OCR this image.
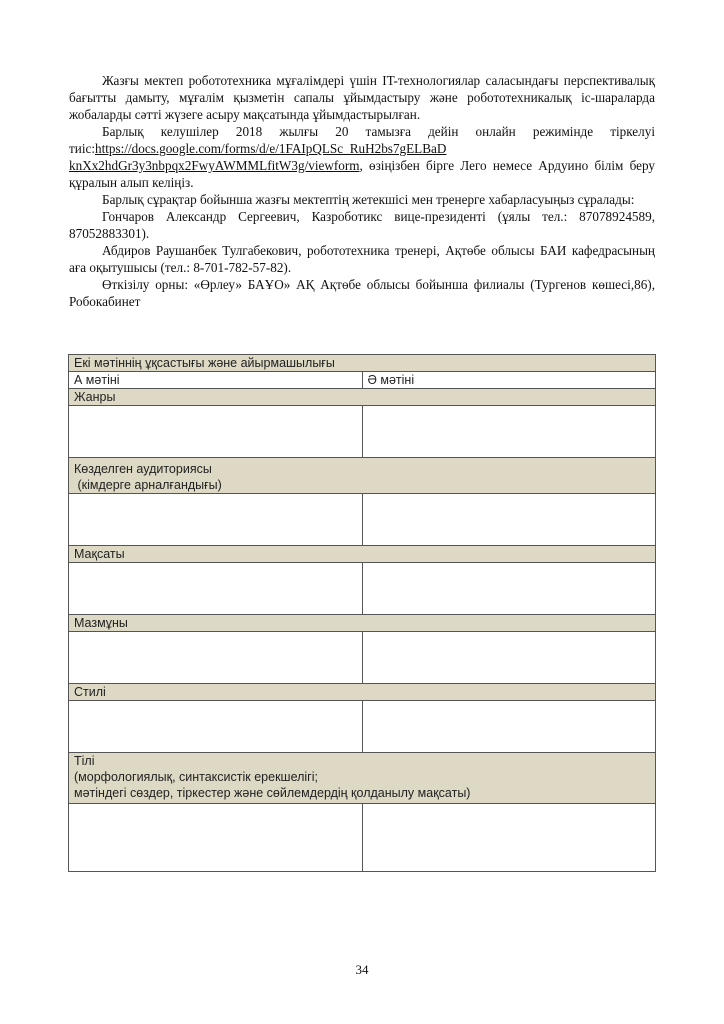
Жазғы мектеп робототехника мұғалімдері үшін IT-технологиялар саласындағы перспективалық бағытты дамыту, мұғалім қызметін сапалы ұйымдастыру және робототехникалық іс-шараларда жобаларды сәтті жүзеге асыру мақсатында ұйымдастырылған.

Барлық келушілер 2018 жылғы 20 тамызға дейін онлайн режимінде тіркелуі тиіс:https://docs.google.com/forms/d/e/1FAIpQLSc_RuH2bs7gELBaD
knXx2hdGr3y3nbpqx2FwyAWMMLfitW3g/viewform, өзіңізбен бірге Лего немесе Ардуино білім беру құралын алып келіңіз.

Барлық сұрақтар бойынша жазғы мектептің жетекшісі мен тренерге хабарласуыңыз сұралады:

Гончаров Александр Сергеевич, Казроботикс вице-президенті (ұялы тел.: 87078924589, 87052883301).

Абдиров Раушанбек Тулгабекович, робототехника тренері, Ақтөбе облысы БАИ кафедрасының аға оқытушысы (тел.: 8-701-782-57-82).

Өткізілу орны: «Өрлеу» БАҰО» АҚ Ақтөбе облысы бойынша филиалы (Тургенов көшесі,86), Робокабинет

Екі мәтіннің ұқсастығы және айырмашылығы	
А мәтіні	Ә мәтіні
Жанры	

Көзделген аудиториясы
(кімдерге арналғандығы)	

Мақсаты	

Мазмұны	

Стилі	

Тілі
(морфологиялық, синтаксистік ерекшелігі;
мәтіндегі сөздер, тіркестер және сөйлемдердің қолданылу мақсаты)	

34
